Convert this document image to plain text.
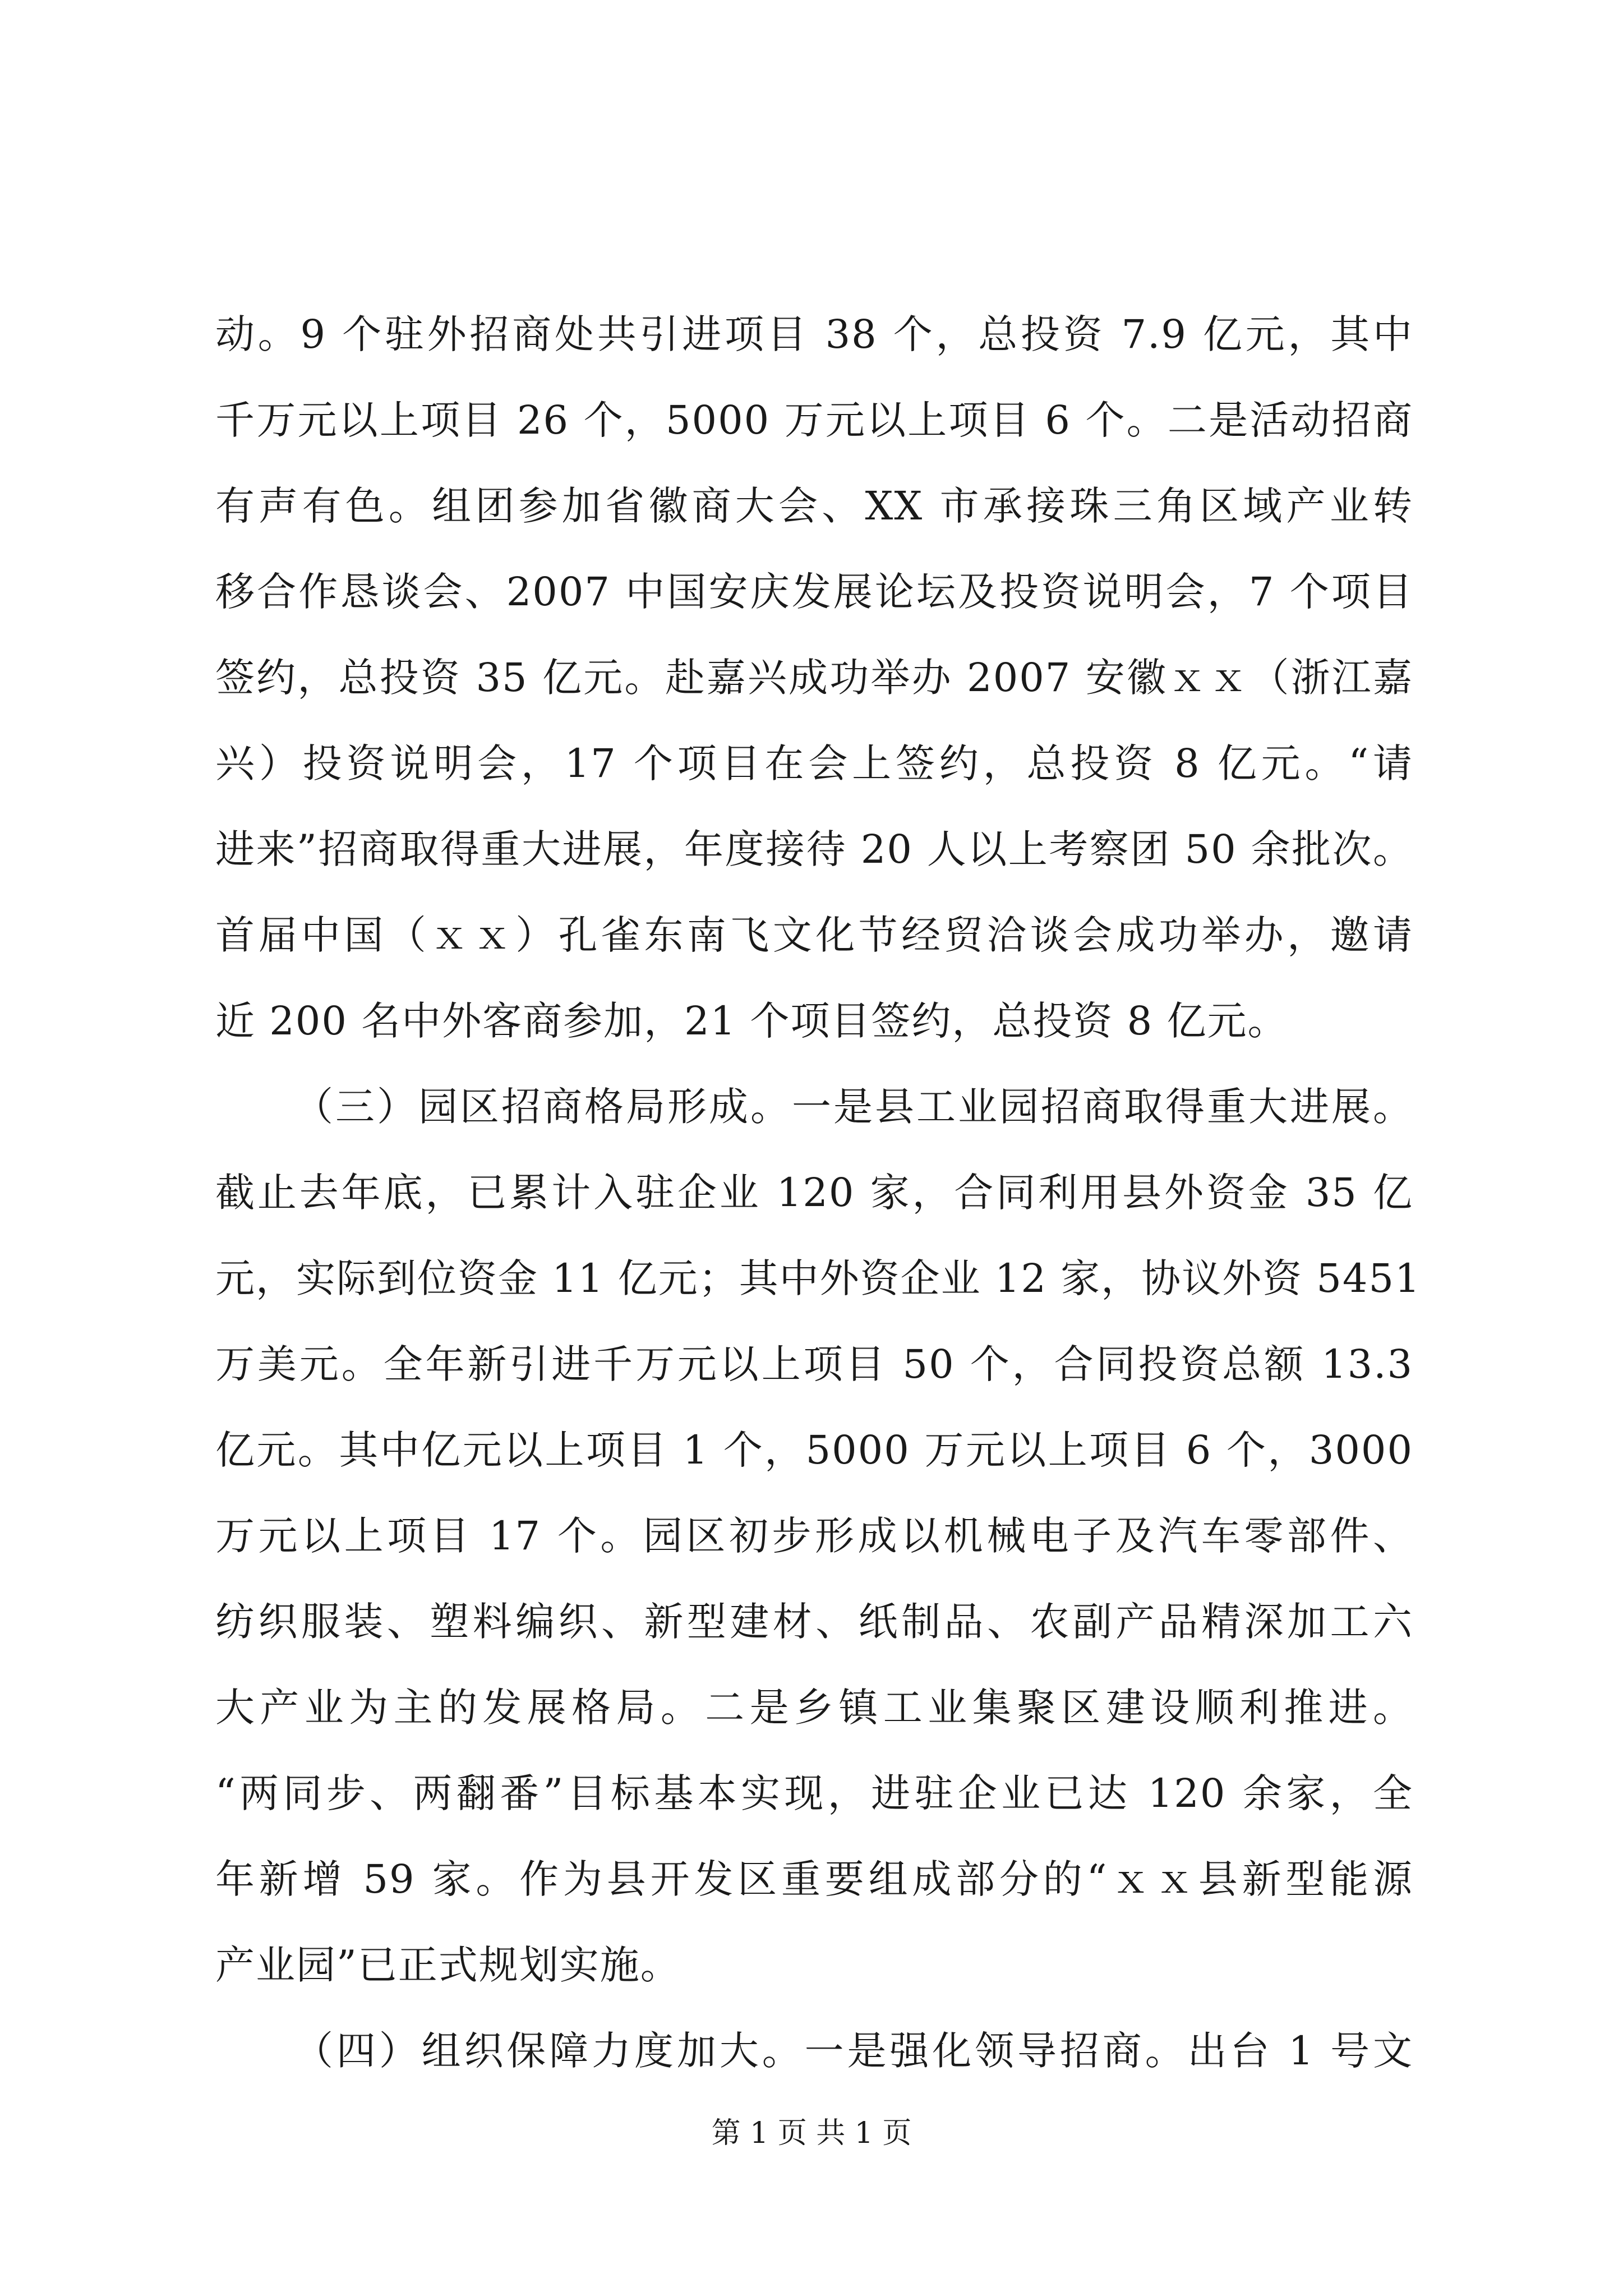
动。9 个驻外招商处共引进项目 38 个，总投资 7.9 亿元，其中
千万元以上项目 26 个，5000 万元以上项目 6 个。二是活动招商
有声有色。组团参加省徽商大会、XX 市承接珠三角区域产业转
移合作恳谈会、2007 中国安庆发展论坛及投资说明会，7 个项目
签约，总投资 35 亿元。赴嘉兴成功举办 2007 安徽ｘｘ（浙江嘉
兴）投资说明会，17 个项目在会上签约，总投资 8 亿元。“请
进来”招商取得重大进展，年度接待 20 人以上考察团 50 余批次。
首届中国（ｘｘ）孔雀东南飞文化节经贸洽谈会成功举办，邀请
近 200 名中外客商参加，21 个项目签约，总投资 8 亿元。
（三）园区招商格局形成。一是县工业园招商取得重大进展。
截止去年底，已累计入驻企业 120 家，合同利用县外资金 35 亿
元，实际到位资金 11 亿元；其中外资企业 12 家，协议外资 5451
万美元。全年新引进千万元以上项目 50 个，合同投资总额 13.3
亿元。其中亿元以上项目 1 个，5000 万元以上项目 6 个，3000
万元以上项目 17 个。园区初步形成以机械电子及汽车零部件、
纺织服装、塑料编织、新型建材、纸制品、农副产品精深加工六
大产业为主的发展格局。二是乡镇工业集聚区建设顺利推进。
“两同步、两翻番”目标基本实现，进驻企业已达 120 余家，全
年新增 59 家。作为县开发区重要组成部分的“ｘｘ县新型能源
产业园”已正式规划实施。
（四）组织保障力度加大。一是强化领导招商。出台 1 号文
第 1 页 共 1 页
